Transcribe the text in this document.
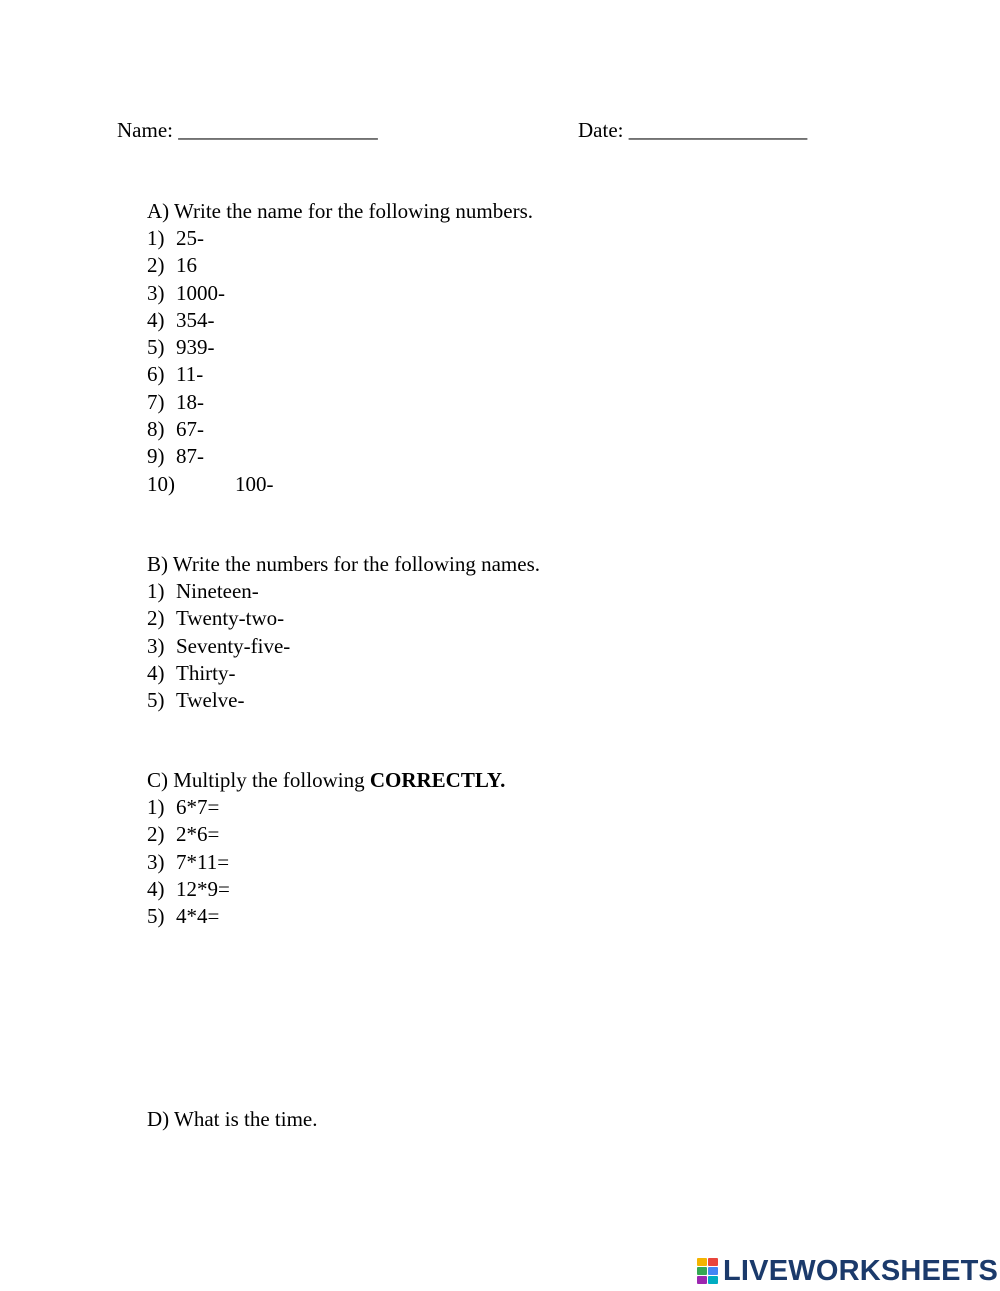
Name: ___________________	Date: _________________
A) Write the name for the following numbers.
1) 25-
2) 16
3) 1000-
4) 354-
5) 939-
6) 11-
7) 18-
8) 67-
9) 87-
10)	100-
B) Write the numbers for the following names.
1) Nineteen-
2) Twenty-two-
3) Seventy-five-
4) Thirty-
5) Twelve-
C) Multiply the following CORRECTLY.
1) 6*7=
2) 2*6=
3) 7*11=
4) 12*9=
5) 4*4=
D) What is the time.
LIVEWORKSHEETS
